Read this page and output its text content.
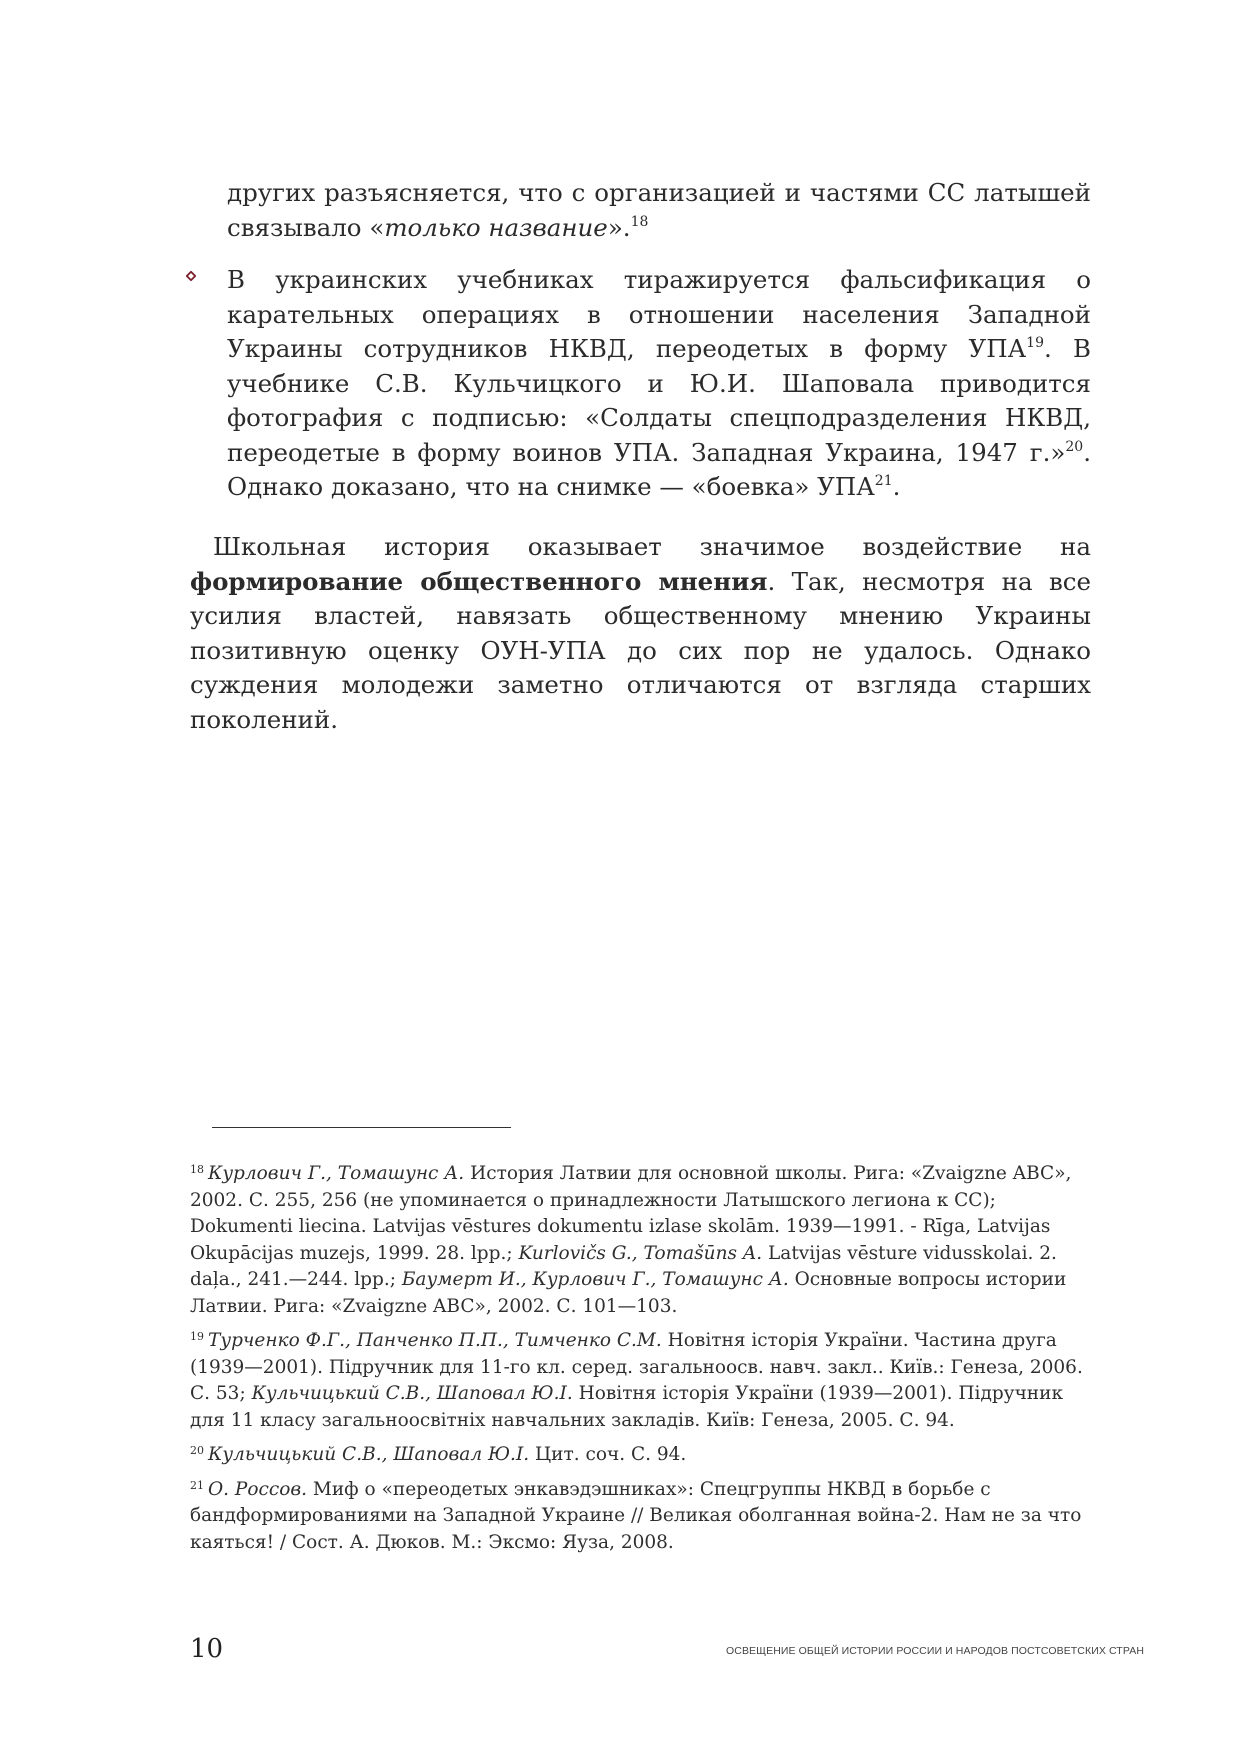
других разъясняется, что с организацией и частями СС латышей связывало «только название».$^{18}$
В украинских учебниках тиражируется фальсификация о карательных операциях в отношении населения Западной Украины сотрудников НКВД, переодетых в форму УПА$^{19}$. В учебнике С.В. Кульчицкого и Ю.И. Шаповала приводится фотография с подписью: «Солдаты спецподразделения НКВД, переодетые в форму воинов УПА. Западная Украина, 1947 г.»$^{20}$. Однако доказано, что на снимке — «боевка» УПА$^{21}$.
Школьная история оказывает значимое воздействие на формирование общественного мнения. Так, несмотря на все усилия властей, навязать общественному мнению Украины позитивную оценку ОУН-УПА до сих пор не удалось. Однако суждения молодежи заметно отличаются от взгляда старших поколений.
$^{18}$ Курлович Г., Томашунс А. История Латвии для основной школы. Рига: «Zvaigzne ABC», 2002. С. 255, 256 (не упоминается о принадлежности Латышского легиона к СС); Dokumenti liecina. Latvijas vēstures dokumentu izlase skolām. 1939—1991. - Rīga, Latvijas Okupācijas muzejs, 1999. 28. lpp.; Kurlovičs G., Tomašūns A. Latvijas vēsture vidusskolai. 2. daļa., 241.—244. lpp.; Баумерт И., Курлович Г., Томашунс А. Основные вопросы истории Латвии. Рига: «Zvaigzne ABC», 2002. С. 101—103.
$^{19}$ Турченко Ф.Г., Панченко П.П., Тимченко С.М. Новітня історія України. Частина друга (1939—2001). Підручник для 11-го кл. серед. загальноосв. навч. закл.. Київ.: Генеза, 2006. С. 53; Кульчицький С.В., Шаповал Ю.І. Новітня історія України (1939—2001). Підручник для 11 класу загальноосвітніх навчальних закладів. Київ: Генеза, 2005. С. 94.
$^{20}$ Кульчицький С.В., Шаповал Ю.І. Цит. соч. С. 94.
$^{21}$ О. Россов. Миф о «переодетых энкавэдэшниках»: Спецгруппы НКВД в борьбе с бандформированиями на Западной Украине // Великая оболганная война-2. Нам не за что каяться! / Сост. А. Дюков. М.: Эксмо: Яуза, 2008.
10	ОСВЕЩЕНИЕ ОБЩЕЙ ИСТОРИИ РОССИИ И НАРОДОВ ПОСТСОВЕТСКИХ СТРАН
